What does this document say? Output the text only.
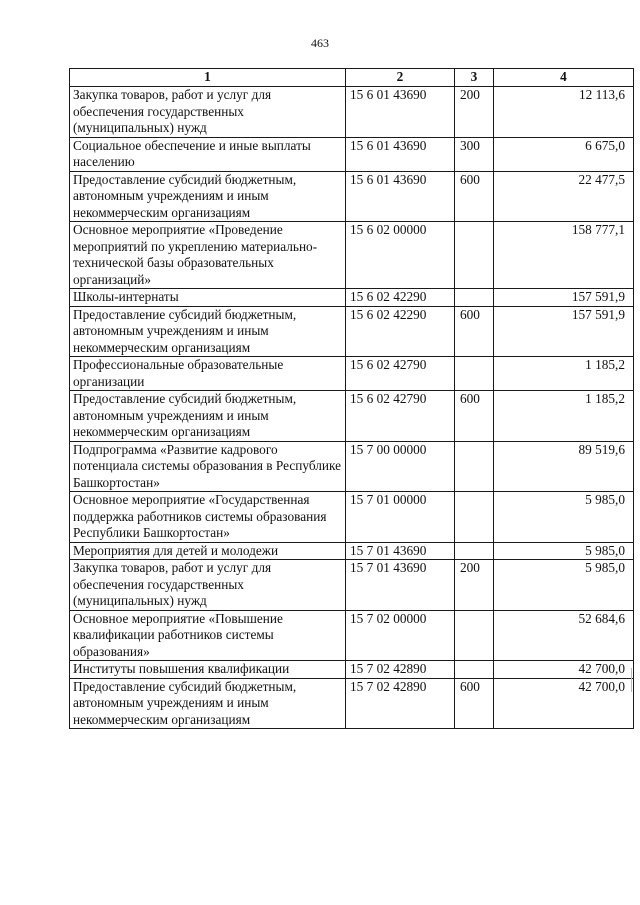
463
1	2	3	4
Закупка товаров, работ и услуг для обеспечения государственных (муниципальных) нужд	15 6 01 43690	200	12 113,6
Социальное обеспечение и иные выплаты населению	15 6 01 43690	300	6 675,0
Предоставление субсидий бюджетным, автономным учреждениям и иным некоммерческим организациям	15 6 01 43690	600	22 477,5
Основное мероприятие «Проведение мероприятий по укреплению материально-технической базы образовательных организаций»	15 6 02 00000		158 777,1
Школы-интернаты	15 6 02 42290		157 591,9
Предоставление субсидий бюджетным, автономным учреждениям и иным некоммерческим организациям	15 6 02 42290	600	157 591,9
Профессиональные образовательные организации	15 6 02 42790		1 185,2
Предоставление субсидий бюджетным, автономным учреждениям и иным некоммерческим организациям	15 6 02 42790	600	1 185,2
Подпрограмма «Развитие кадрового потенциала системы образования в Республике Башкортостан»	15 7 00 00000		89 519,6
Основное мероприятие «Государственная поддержка работников системы образования Республики Башкортостан»	15 7 01 00000		5 985,0
Мероприятия для детей и молодежи	15 7 01 43690		5 985,0
Закупка товаров, работ и услуг для обеспечения государственных (муниципальных) нужд	15 7 01 43690	200	5 985,0
Основное мероприятие «Повышение квалификации работников системы образования»	15 7 02 00000		52 684,6
Институты повышения квалификации	15 7 02 42890		42 700,0
Предоставление субсидий бюджетным, автономным учреждениям и иным некоммерческим организациям	15 7 02 42890	600	42 700,0
